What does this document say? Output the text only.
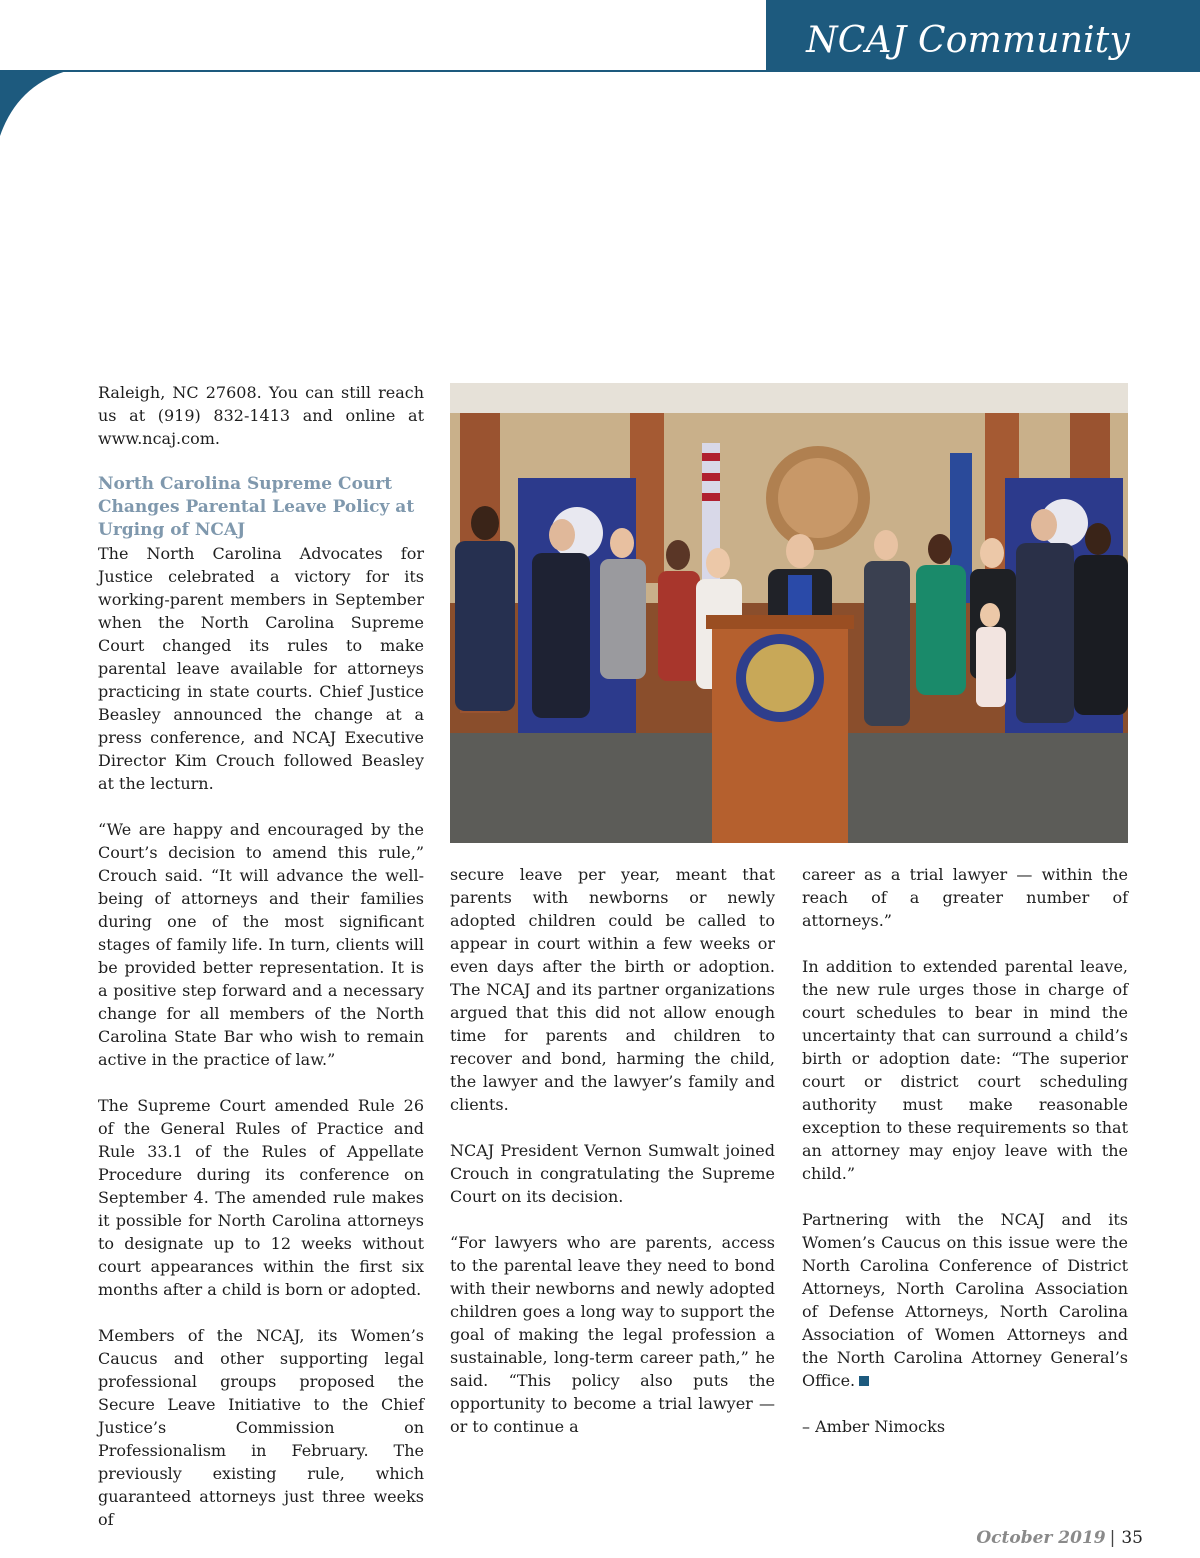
NCAJ Community

Raleigh, NC 27608. You can still reach us at (919) 832-1413 and online at www.ncaj.com.

North Carolina Supreme Court Changes Parental Leave Policy at Urging of NCAJ

The North Carolina Advocates for Justice celebrated a victory for its working-parent members in September when the North Carolina Supreme Court changed its rules to make parental leave available for attorneys practicing in state courts. Chief Justice Beasley announced the change at a press conference, and NCAJ Executive Director Kim Crouch followed Beasley at the lecturn.

“We are happy and encouraged by the Court’s decision to amend this rule,” Crouch said. “It will advance the well-being of attorneys and their families during one of the most significant stages of family life. In turn, clients will be provided better representation. It is a positive step forward and a necessary change for all members of the North Carolina State Bar who wish to remain active in the practice of law.”

The Supreme Court amended Rule 26 of the General Rules of Practice and Rule 33.1 of the Rules of Appellate Procedure during its conference on September 4. The amended rule makes it possible for North Carolina attorneys to designate up to 12 weeks without court appearances within the first six months after a child is born or adopted.

Members of the NCAJ, its Women’s Caucus and other supporting legal professional groups proposed the Secure Leave Initiative to the Chief Justice’s Commission on Professionalism in February. The previously existing rule, which guaranteed attorneys just three weeks of

secure leave per year, meant that parents with newborns or newly adopted children could be called to appear in court within a few weeks or even days after the birth or adoption. The NCAJ and its partner organizations argued that this did not allow enough time for parents and children to recover and bond, harming the child, the lawyer and the lawyer’s family and clients.

NCAJ President Vernon Sumwalt joined Crouch in congratulating the Supreme Court on its decision.

“For lawyers who are parents, access to the parental leave they need to bond with their newborns and newly adopted children goes a long way to support the goal of making the legal profession a sustainable, long-term career path,” he said. “This policy also puts the opportunity to become a trial lawyer — or to continue a

career as a trial lawyer — within the reach of a greater number of attorneys.”

In addition to extended parental leave, the new rule urges those in charge of court schedules to bear in mind the uncertainty that can surround a child’s birth or adoption date: “The superior court or district court scheduling authority must make reasonable exception to these requirements so that an attorney may enjoy leave with the child.”

Partnering with the NCAJ and its Women’s Caucus on this issue were the North Carolina Conference of District Attorneys, North Carolina Association of Defense Attorneys, North Carolina Association of Women Attorneys and the North Carolina Attorney General’s Office.

– Amber Nimocks

October 2019 | 35
